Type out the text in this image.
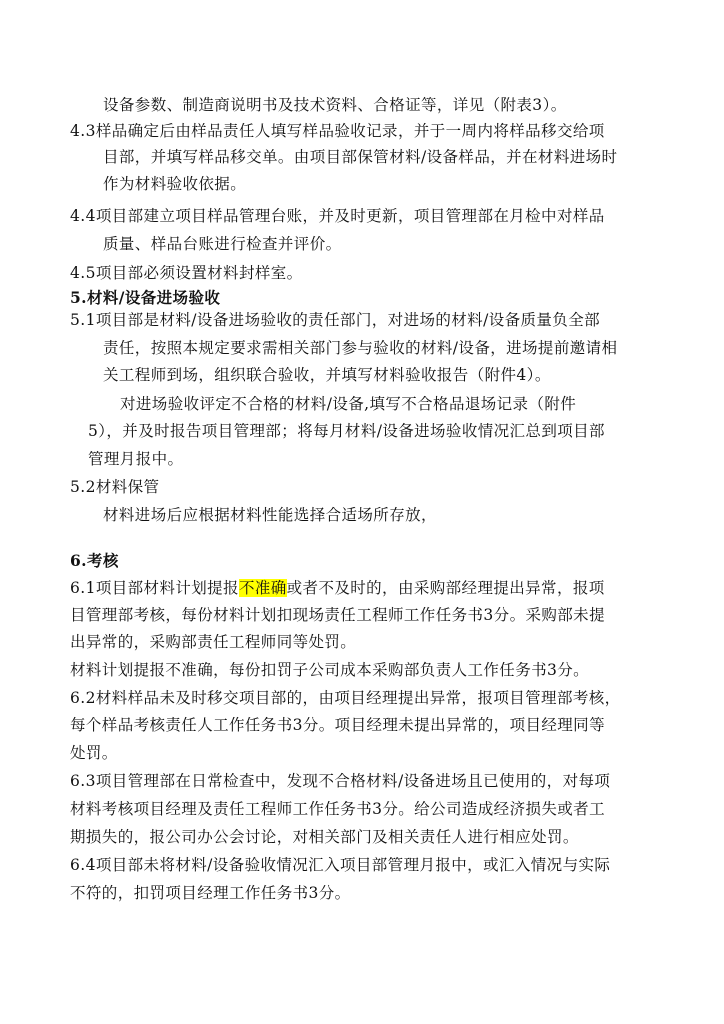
设备参数、制造商说明书及技术资料、合格证等，详见（附表3）。
4.3样品确定后由样品责任人填写样品验收记录，并于一周内将样品移交给项
目部，并填写样品移交单。由项目部保管材料/设备样品，并在材料进场时
作为材料验收依据。
4.4项目部建立项目样品管理台账，并及时更新，项目管理部在月检中对样品
质量、样品台账进行检查并评价。
4.5项目部必须设置材料封样室。
5.材料/设备进场验收
5.1项目部是材料/设备进场验收的责任部门，对进场的材料/设备质量负全部
责任，按照本规定要求需相关部门参与验收的材料/设备，进场提前邀请相
关工程师到场，组织联合验收，并填写材料验收报告（附件4）。
对进场验收评定不合格的材料/设备,填写不合格品退场记录（附件
5），并及时报告项目管理部；将每月材料/设备进场验收情况汇总到项目部
管理月报中。
5.2材料保管
材料进场后应根据材料性能选择合适场所存放，
6.考核
6.1项目部材料计划提报不准确或者不及时的，由采购部经理提出异常，报项
目管理部考核，每份材料计划扣现场责任工程师工作任务书3分。采购部未提
出异常的，采购部责任工程师同等处罚。
材料计划提报不准确，每份扣罚子公司成本采购部负责人工作任务书3分。
6.2材料样品未及时移交项目部的，由项目经理提出异常，报项目管理部考核，
每个样品考核责任人工作任务书3分。项目经理未提出异常的，项目经理同等
处罚。
6.3项目管理部在日常检查中，发现不合格材料/设备进场且已使用的，对每项
材料考核项目经理及责任工程师工作任务书3分。给公司造成经济损失或者工
期损失的，报公司办公会讨论，对相关部门及相关责任人进行相应处罚。
6.4项目部未将材料/设备验收情况汇入项目部管理月报中，或汇入情况与实际
不符的，扣罚项目经理工作任务书3分。
